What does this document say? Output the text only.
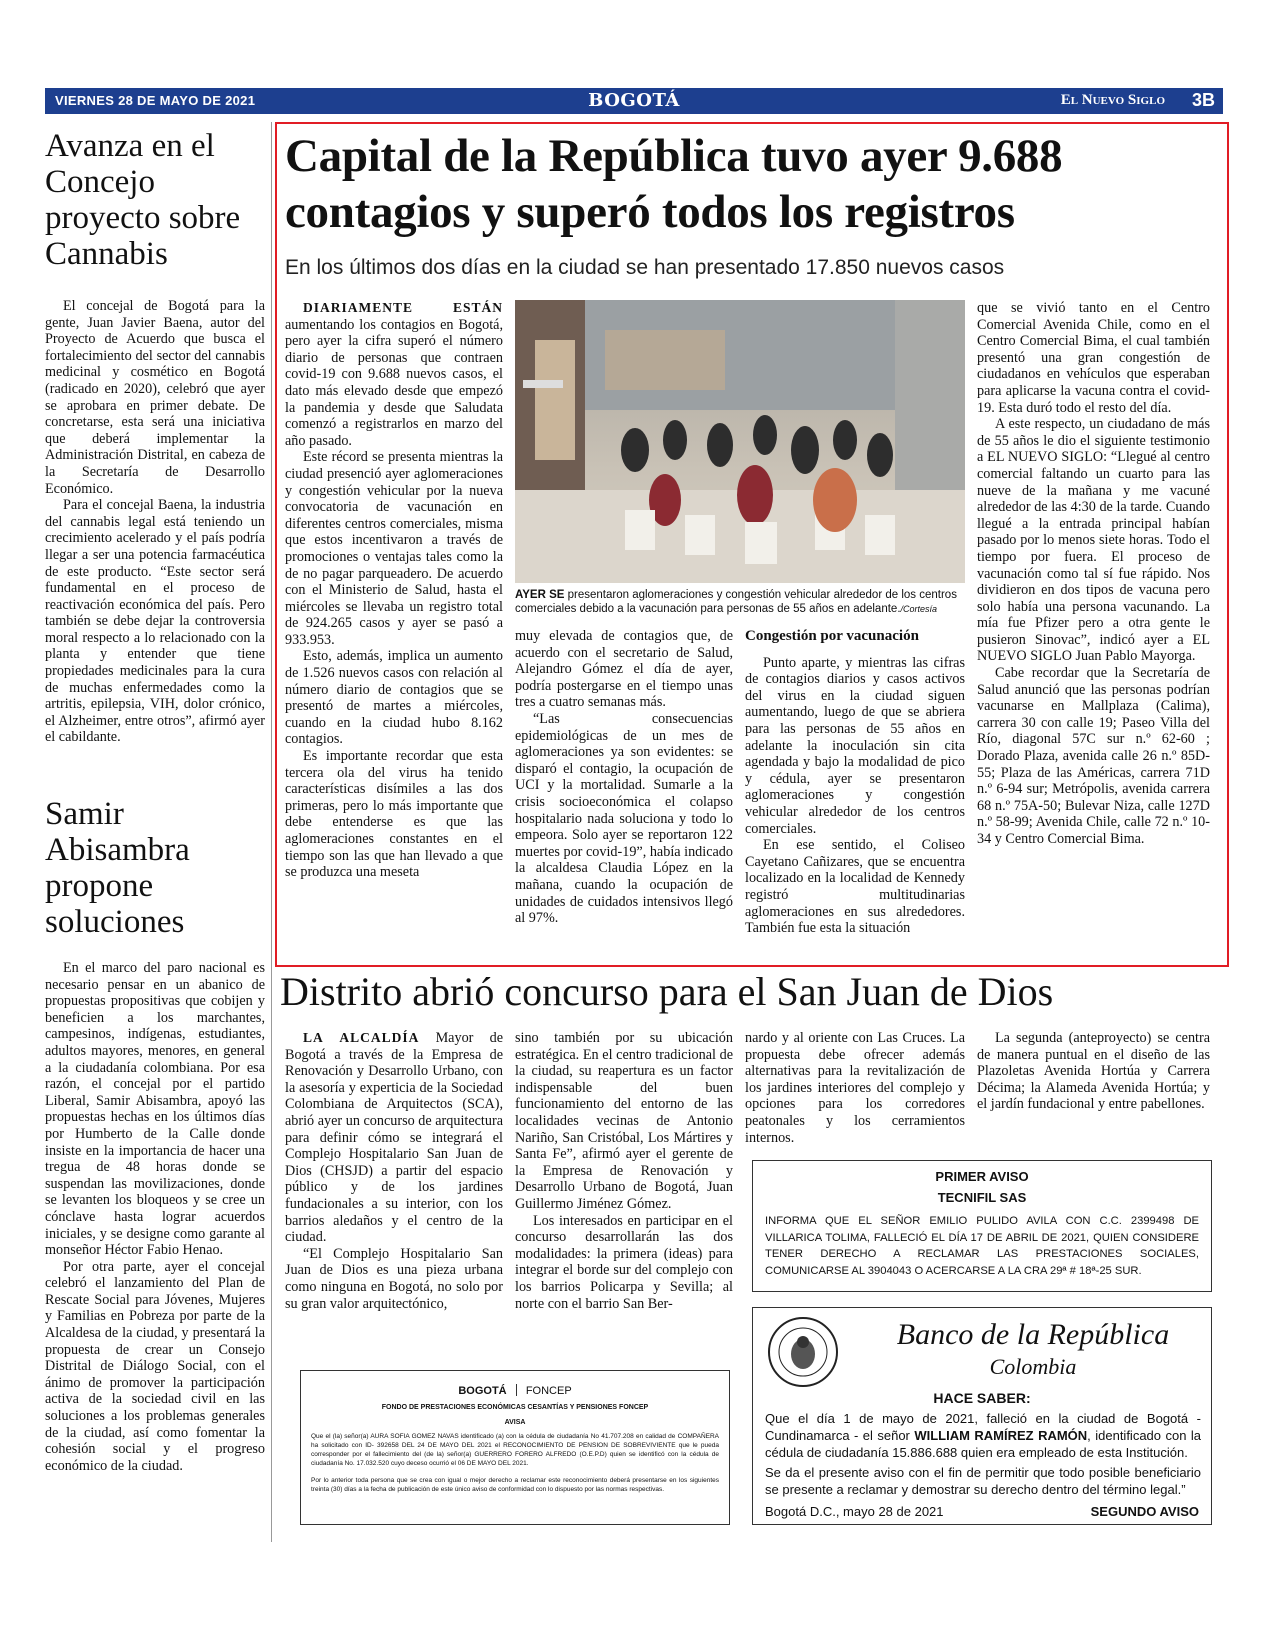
VIERNES 28 DE MAYO DE 2021	BOGOTÁ	El Nuevo Siglo 3B
Avanza en el Concejo proyecto sobre Cannabis

El concejal de Bogotá para la gente, Juan Javier Baena, autor del Proyecto de Acuerdo que busca el fortalecimiento del sector del cannabis medicinal y cosmético en Bogotá (radicado en 2020), celebró que ayer se aprobara en primer debate. De concretarse, esta será una iniciativa que deberá implementar la Administración Distrital, en cabeza de la Secretaría de Desarrollo Económico.

Para el concejal Baena, la industria del cannabis legal está teniendo un crecimiento acelerado y el país podría llegar a ser una potencia farmacéutica de este producto. “Este sector será fundamental en el proceso de reactivación económica del país. Pero también se debe dejar la controversia moral respecto a lo relacionado con la planta y entender que tiene propiedades medicinales para la cura de muchas enfermedades como la artritis, epilepsia, VIH, dolor crónico, el Alzheimer, entre otros”, afirmó ayer el cabildante.

Samir Abisambra propone soluciones

En el marco del paro nacional es necesario pensar en un abanico de propuestas propositivas que cobijen y beneficien a los marchantes, campesinos, indígenas, estudiantes, adultos mayores, menores, en general a la ciudadanía colombiana. Por esa razón, el concejal por el partido Liberal, Samir Abisambra, apoyó las propuestas hechas en los últimos días por Humberto de la Calle donde insiste en la importancia de hacer una tregua de 48 horas donde se suspendan las movilizaciones, donde se levanten los bloqueos y se cree un cónclave hasta lograr acuerdos iniciales, y se designe como garante al monseñor Héctor Fabio Henao.

Por otra parte, ayer el concejal celebró el lanzamiento del Plan de Rescate Social para Jóvenes, Mujeres y Familias en Pobreza por parte de la Alcaldesa de la ciudad, y presentará la propuesta de crear un Consejo Distrital de Diálogo Social, con el ánimo de promover la participación activa de la sociedad civil en las soluciones a los problemas generales de la ciudad, así como fomentar la cohesión social y el progreso económico de la ciudad.

Capital de la República tuvo ayer 9.688 contagios y superó todos los registros
En los últimos dos días en la ciudad se han presentado 17.850 nuevos casos

DIARIAMENTE ESTÁN aumentando los contagios en Bogotá, pero ayer la cifra superó el número diario de personas que contraen covid-19 con 9.688 nuevos casos, el dato más elevado desde que empezó la pandemia y desde que Saludata comenzó a registrarlos en marzo del año pasado.

Este récord se presenta mientras la ciudad presenció ayer aglomeraciones y congestión vehicular por la nueva convocatoria de vacunación en diferentes centros comerciales, misma que estos incentivaron a través de promociones o ventajas tales como la de no pagar parqueadero. De acuerdo con el Ministerio de Salud, hasta el miércoles se llevaba un registro total de 924.265 casos y ayer se pasó a 933.953.

Esto, además, implica un aumento de 1.526 nuevos casos con relación al número diario de contagios que se presentó de martes a miércoles, cuando en la ciudad hubo 8.162 contagios.

Es importante recordar que esta tercera ola del virus ha tenido características disímiles a las dos primeras, pero lo más importante que debe entenderse es que las aglomeraciones constantes en el tiempo son las que han llevado a que se produzca una meseta

AYER SE presentaron aglomeraciones y congestión vehicular alrededor de los centros comerciales debido a la vacunación para personas de 55 años en adelante./Cortesía

muy elevada de contagios que, de acuerdo con el secretario de Salud, Alejandro Gómez el día de ayer, podría postergarse en el tiempo unas tres a cuatro semanas más.

“Las consecuencias epidemiológicas de un mes de aglomeraciones ya son evidentes: se disparó el contagio, la ocupación de UCI y la mortalidad. Sumarle a la crisis socioeconómica el colapso hospitalario nada soluciona y todo lo empeora. Solo ayer se reportaron 122 muertes por covid-19”, había indicado la alcaldesa Claudia López en la mañana, cuando la ocupación de unidades de cuidados intensivos llegó al 97%.

Congestión por vacunación

Punto aparte, y mientras las cifras de contagios diarios y casos activos del virus en la ciudad siguen aumentando, luego de que se abriera para las personas de 55 años en adelante la inoculación sin cita agendada y bajo la modalidad de pico y cédula, ayer se presentaron aglomeraciones y congestión vehicular alrededor de los centros comerciales.

En ese sentido, el Coliseo Cayetano Cañizares, que se encuentra localizado en la localidad de Kennedy registró multitudinarias aglomeraciones en sus alrededores. También fue esta la situación

que se vivió tanto en el Centro Comercial Avenida Chile, como en el Centro Comercial Bima, el cual también presentó una gran congestión de ciudadanos en vehículos que esperaban para aplicarse la vacuna contra el covid-19. Esta duró todo el resto del día.

A este respecto, un ciudadano de más de 55 años le dio el siguiente testimonio a EL NUEVO SIGLO: “Llegué al centro comercial faltando un cuarto para las nueve de la mañana y me vacuné alrededor de las 4:30 de la tarde. Cuando llegué a la entrada principal habían pasado por lo menos siete horas. Todo el tiempo por fuera. El proceso de vacunación como tal sí fue rápido. Nos dividieron en dos tipos de vacuna pero solo había una persona vacunando. La mía fue Pfizer pero a otra gente le pusieron Sinovac”, indicó ayer a EL NUEVO SIGLO Juan Pablo Mayorga.

Cabe recordar que la Secretaría de Salud anunció que las personas podrían vacunarse en Mallplaza (Calima), carrera 30 con calle 19; Paseo Villa del Río, diagonal 57C sur n.º 62-60 ; Dorado Plaza, avenida calle 26 n.º 85D-55; Plaza de las Américas, carrera 71D n.º 6-94 sur; Metrópolis, avenida carrera 68 n.º 75A-50; Bulevar Niza, calle 127D n.º 58-99; Avenida Chile, calle 72 n.º 10-34 y Centro Comercial Bima.

Distrito abrió concurso para el San Juan de Dios

LA ALCALDÍA Mayor de Bogotá a través de la Empresa de Renovación y Desarrollo Urbano, con la asesoría y experticia de la Sociedad Colombiana de Arquitectos (SCA), abrió ayer un concurso de arquitectura para definir cómo se integrará el Complejo Hospitalario San Juan de Dios (CHSJD) a partir del espacio público y de los jardines fundacionales a su interior, con los barrios aledaños y el centro de la ciudad.

“El Complejo Hospitalario San Juan de Dios es una pieza urbana como ninguna en Bogotá, no solo por su gran valor arquitectónico,

sino también por su ubicación estratégica. En el centro tradicional de la ciudad, su reapertura es un factor indispensable del buen funcionamiento del entorno de las localidades vecinas de Antonio Nariño, San Cristóbal, Los Mártires y Santa Fe”, afirmó ayer el gerente de la Empresa de Renovación y Desarrollo Urbano de Bogotá, Juan Guillermo Jiménez Gómez.

Los interesados en participar en el concurso desarrollarán las dos modalidades: la primera (ideas) para integrar el borde sur del complejo con los barrios Policarpa y Sevilla; al norte con el barrio San Ber-

nardo y al oriente con Las Cruces. La propuesta debe ofrecer además alternativas para la revitalización de los jardines interiores del complejo y opciones para los corredores peatonales y los cerramientos internos.

La segunda (anteproyecto) se centra de manera puntual en el diseño de las Plazoletas Avenida Hortúa y Carrera Décima; la Alameda Avenida Hortúa; y el jardín fundacional y entre pabellones.

PRIMER AVISO
TECNIFIL SAS
INFORMA QUE EL SEÑOR EMILIO PULIDO AVILA CON C.C. 2399498 DE VILLARICA TOLIMA, FALLECIÓ EL DÍA 17 DE ABRIL DE 2021, QUIEN CONSIDERE TENER DERECHO A RECLAMAR LAS PRESTACIONES SOCIALES, COMUNICARSE AL 3904043 O ACERCARSE A LA CRA 29ª # 18ª-25 SUR.
BOGOTÁ FONCEP
FONDO DE PRESTACIONES ECONÓMICAS CESANTÍAS Y PENSIONES FONCEP
AVISA
Que el (la) señor(a) AURA SOFIA GOMEZ NAVAS identificado (a) con la cédula de ciudadanía No 41.707.208 en calidad de COMPAÑERA ha solicitado con ID- 392658 DEL 24 DE MAYO DEL 2021 el RECONOCIMIENTO DE PENSION DE SOBREVIVIENTE que le pueda corresponder por el fallecimiento del (de la) señor(a) GUERRERO FORERO ALFREDO (O.E.P.D) quien se identificó con la cédula de ciudadanía No. 17.032.520 cuyo deceso ocurrió el 06 DE MAYO DEL 2021.
Por lo anterior toda persona que se crea con igual o mejor derecho a reclamar este reconocimiento deberá presentarse en los siguientes treinta (30) días a la fecha de publicación de este único aviso de conformidad con lo dispuesto por las normas respectivas.
Banco de la República
Colombia
HACE SABER:
Que el día 1 de mayo de 2021, falleció en la ciudad de Bogotá - Cundinamarca - el señor WILLIAM RAMÍREZ RAMÓN, identificado con la cédula de ciudadanía 15.886.688 quien era empleado de esta Institución.
Se da el presente aviso con el fin de permitir que todo posible beneficiario se presente a reclamar y demostrar su derecho dentro del término legal.”
Bogotá D.C., mayo 28 de 2021	SEGUNDO AVISO
